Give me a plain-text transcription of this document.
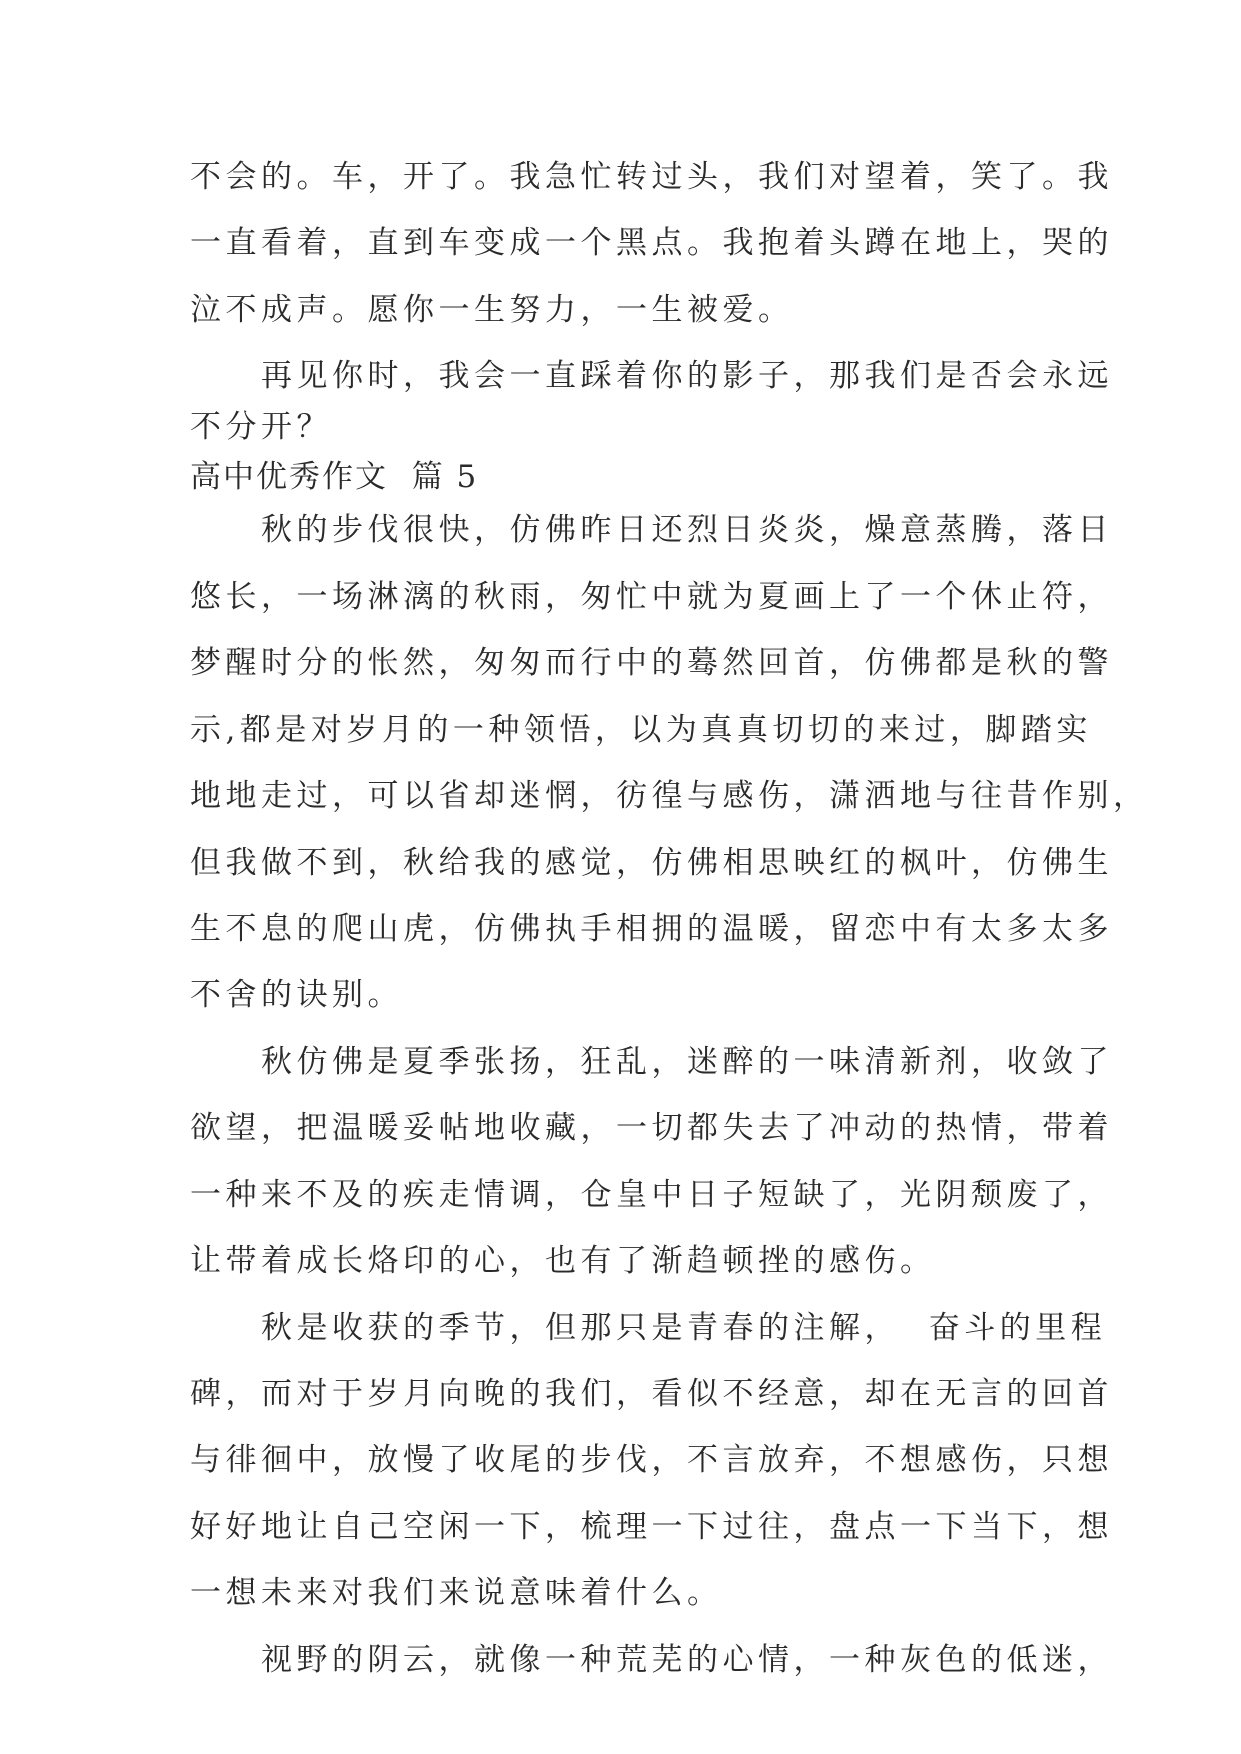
不会的。车，开了。我急忙转过头，我们对望着，笑了。我
一直看着，直到车变成一个黑点。我抱着头蹲在地上，哭的
泣不成声。愿你一生努力，一生被爱。
　　再见你时，我会一直踩着你的影子，那我们是否会永远
不分开？
高中优秀作文  篇 5
　　秋的步伐很快，仿佛昨日还烈日炎炎，燥意蒸腾，落日
悠长，一场淋漓的秋雨，匆忙中就为夏画上了一个休止符，
梦醒时分的怅然，匆匆而行中的蓦然回首，仿佛都是秋的警
示,都是对岁月的一种领悟，以为真真切切的来过，脚踏实
地地走过，可以省却迷惘，彷徨与感伤，潇洒地与往昔作别，
但我做不到，秋给我的感觉，仿佛相思映红的枫叶，仿佛生
生不息的爬山虎，仿佛执手相拥的温暖，留恋中有太多太多
不舍的诀别。
　　秋仿佛是夏季张扬，狂乱，迷醉的一味清新剂，收敛了
欲望，把温暖妥帖地收藏，一切都失去了冲动的热情，带着
一种来不及的疾走情调，仓皇中日子短缺了，光阴颓废了，
让带着成长烙印的心，也有了渐趋顿挫的感伤。
　　秋是收获的季节，但那只是青春的注解，  奋斗的里程
碑，而对于岁月向晚的我们，看似不经意，却在无言的回首
与徘徊中，放慢了收尾的步伐，不言放弃，不想感伤，只想
好好地让自己空闲一下，梳理一下过往，盘点一下当下，想
一想未来对我们来说意味着什么。
　　视野的阴云，就像一种荒芜的心情，一种灰色的低迷，
